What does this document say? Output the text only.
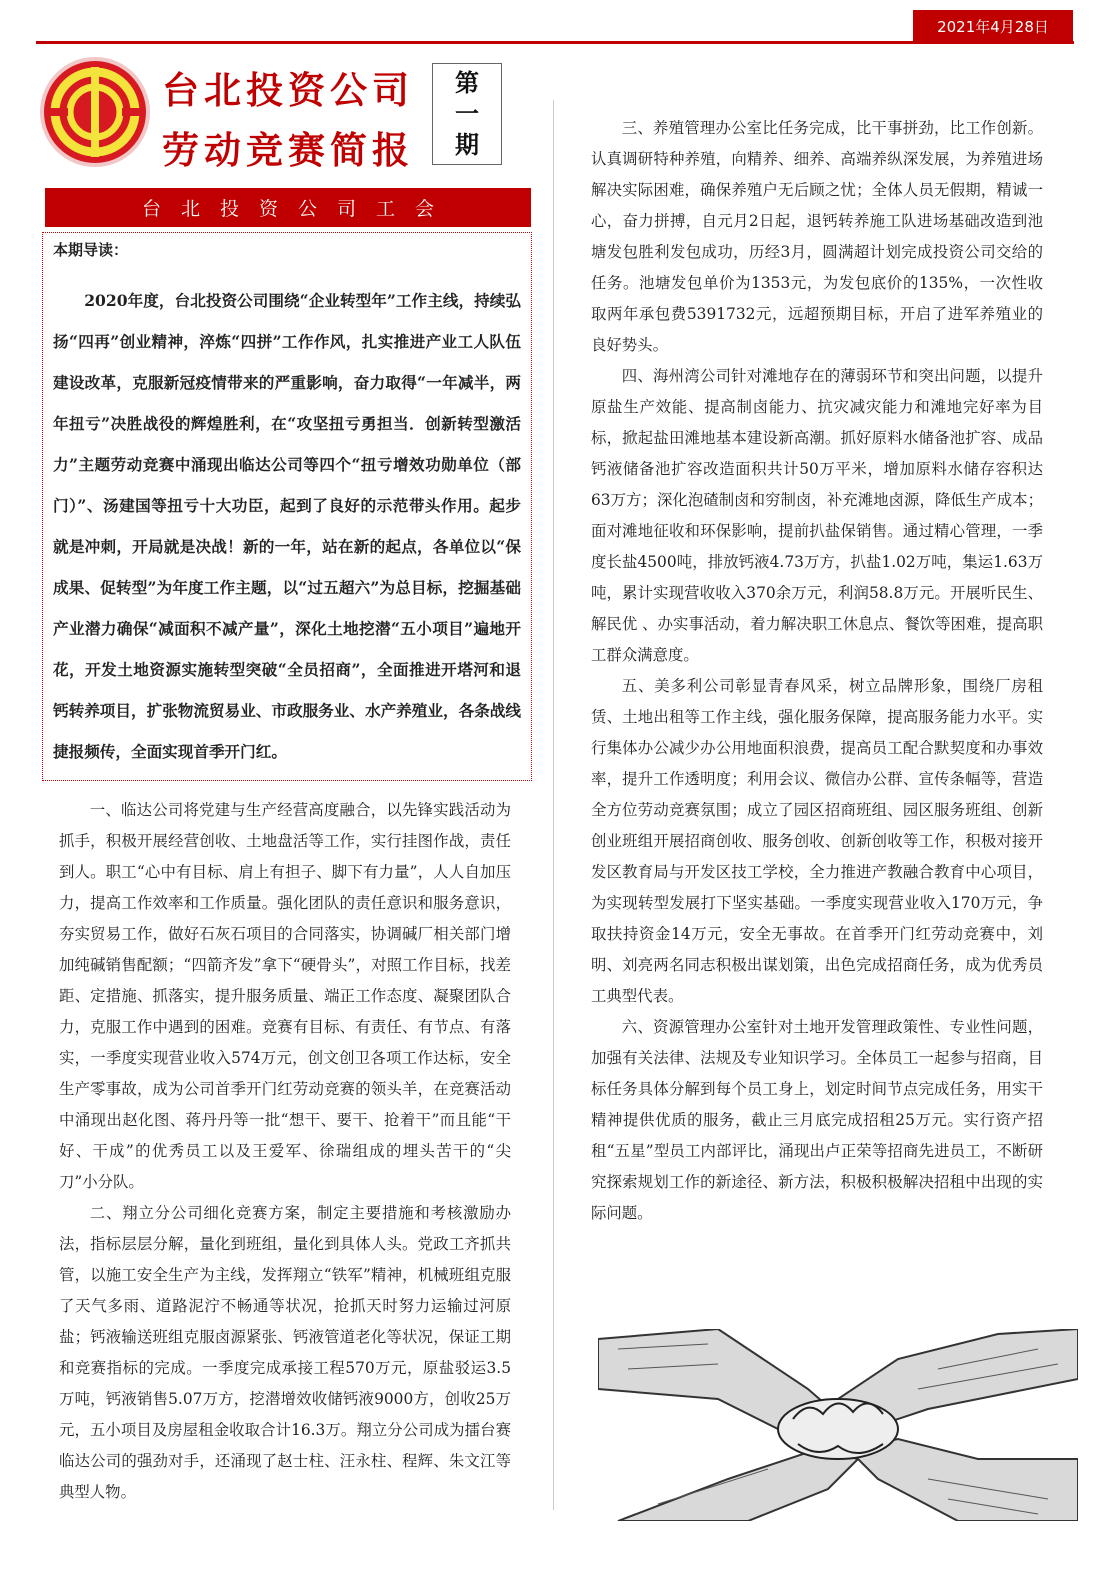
2021年4月28日
台北投资公司
劳动竞赛简报
第
一
期
台北投资公司工会
本期导读：

2020年度，台北投资公司围绕“企业转型年”工作主线，持续弘扬“四再”创业精神，淬炼“四拼”工作作风，扎实推进产业工人队伍建设改革，克服新冠疫情带来的严重影响，奋力取得“一年减半，两年扭亏”决胜战役的辉煌胜利，在“攻坚扭亏勇担当．创新转型激活力”主题劳动竞赛中涌现出临达公司等四个“扭亏增效功勋单位（部门）”、汤建国等扭亏十大功臣，起到了良好的示范带头作用。起步就是冲刺，开局就是决战！新的一年，站在新的起点，各单位以“保成果、促转型”为年度工作主题，以“过五超六”为总目标，挖掘基础产业潜力确保“减面积不减产量”，深化土地挖潜“五小项目”遍地开花，开发土地资源实施转型突破“全员招商”，全面推进开塔河和退钙转养项目，扩张物流贸易业、市政服务业、水产养殖业，各条战线捷报频传，全面实现首季开门红。

一、临达公司将党建与生产经营高度融合，以先锋实践活动为抓手，积极开展经营创收、土地盘活等工作，实行挂图作战，责任到人。职工“心中有目标、肩上有担子、脚下有力量”，人人自加压力，提高工作效率和工作质量。强化团队的责任意识和服务意识，夯实贸易工作，做好石灰石项目的合同落实，协调碱厂相关部门增加纯碱销售配额；“四箭齐发”拿下“硬骨头”，对照工作目标，找差距、定措施、抓落实，提升服务质量、端正工作态度、凝聚团队合力，克服工作中遇到的困难。竞赛有目标、有责任、有节点、有落实，一季度实现营业收入574万元，创文创卫各项工作达标，安全生产零事故，成为公司首季开门红劳动竞赛的领头羊，在竞赛活动中涌现出赵化图、蒋丹丹等一批“想干、要干、抢着干”而且能“干好、干成”的优秀员工以及王爱军、徐瑞组成的埋头苦干的“尖刀”小分队。

二、翔立分公司细化竞赛方案，制定主要措施和考核激励办法，指标层层分解，量化到班组，量化到具体人头。党政工齐抓共管，以施工安全生产为主线，发挥翔立“铁军”精神，机械班组克服了天气多雨、道路泥泞不畅通等状况，抢抓天时努力运输过河原盐；钙液输送班组克服卤源紧张、钙液管道老化等状况，保证工期和竞赛指标的完成。一季度完成承接工程570万元，原盐驳运3.5万吨，钙液销售5.07万方，挖潜增效收储钙液9000方，创收25万元，五小项目及房屋租金收取合计16.3万。翔立分公司成为擂台赛临达公司的强劲对手，还涌现了赵士柱、汪永柱、程辉、朱文江等典型人物。

三、养殖管理办公室比任务完成，比干事拼劲，比工作创新。认真调研特种养殖，向精养、细养、高端养纵深发展，为养殖进场解决实际困难，确保养殖户无后顾之忧；全体人员无假期，精诚一心，奋力拼搏，自元月2日起，退钙转养施工队进场基础改造到池塘发包胜利发包成功，历经3月，圆满超计划完成投资公司交给的任务。池塘发包单价为1353元，为发包底价的135%，一次性收取两年承包费5391732元，远超预期目标，开启了进军养殖业的良好势头。

四、海州湾公司针对滩地存在的薄弱环节和突出问题，以提升原盐生产效能、提高制卤能力、抗灾减灾能力和滩地完好率为目标，掀起盐田滩地基本建设新高潮。抓好原料水储备池扩容、成品钙液储备池扩容改造面积共计50万平米，增加原料水储存容积达63万方；深化泡碴制卤和穷制卤，补充滩地卤源，降低生产成本；面对滩地征收和环保影响，提前扒盐保销售。通过精心管理，一季度长盐4500吨，排放钙液4.73万方，扒盐1.02万吨，集运1.63万吨，累计实现营收收入370余万元，利润58.8万元。开展听民生、解民优 、办实事活动，着力解决职工休息点、餐饮等困难，提高职工群众满意度。

五、美多利公司彰显青春风采，树立品牌形象，围绕厂房租赁、土地出租等工作主线，强化服务保障，提高服务能力水平。实行集体办公减少办公用地面积浪费，提高员工配合默契度和办事效率，提升工作透明度；利用会议、微信办公群、宣传条幅等，营造全方位劳动竞赛氛围；成立了园区招商班组、园区服务班组、创新创业班组开展招商创收、服务创收、创新创收等工作，积极对接开发区教育局与开发区技工学校，全力推进产教融合教育中心项目，为实现转型发展打下坚实基础。一季度实现营业收入170万元，争取扶持资金14万元，安全无事故。在首季开门红劳动竞赛中，刘明、刘亮两名同志积极出谋划策，出色完成招商任务，成为优秀员工典型代表。

六、资源管理办公室针对土地开发管理政策性、专业性问题，加强有关法律、法规及专业知识学习。全体员工一起参与招商，目标任务具体分解到每个员工身上，划定时间节点完成任务，用实干精神提供优质的服务，截止三月底完成招租25万元。实行资产招租“五星”型员工内部评比，涌现出卢正荣等招商先进员工，不断研究探索规划工作的新途径、新方法，积极积极解决招租中出现的实际问题。
